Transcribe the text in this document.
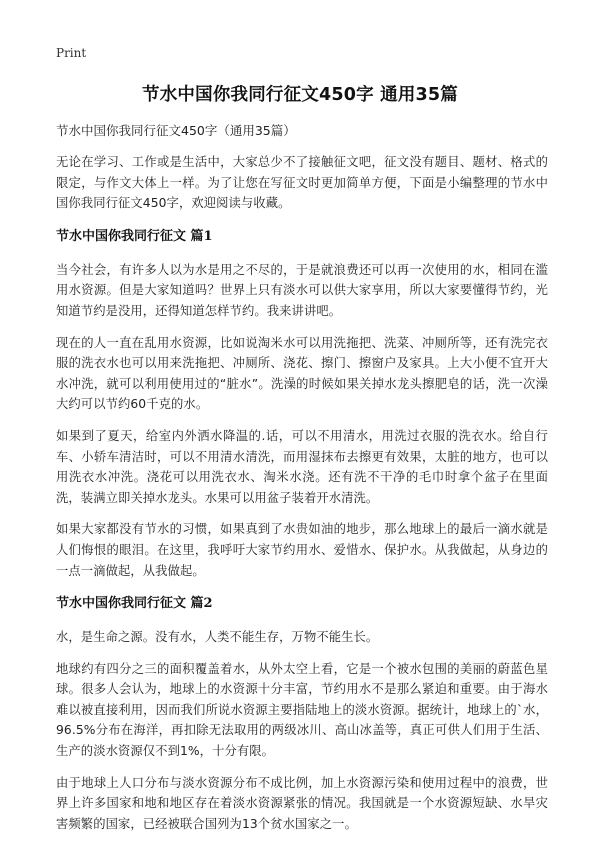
Print
节水中国你我同行征文450字 通用35篇
节水中国你我同行征文450字（通用35篇）

无论在学习、工作或是生活中，大家总少不了接触征文吧，征文没有题目、题材、格式的限定，与作文大体上一样。为了让您在写征文时更加简单方便，下面是小编整理的节水中国你我同行征文450字，欢迎阅读与收藏。

节水中国你我同行征文 篇1

当今社会，有许多人以为水是用之不尽的，于是就浪费还可以再一次使用的水，相同在滥用水资源。但是大家知道吗？世界上只有淡水可以供大家享用，所以大家要懂得节约，光知道节约是没用，还得知道怎样节约。我来讲讲吧。

现在的人一直在乱用水资源，比如说淘米水可以用洗拖把、洗菜、冲厕所等，还有洗完衣服的洗衣水也可以用来洗拖把、冲厕所、浇花、擦门、擦窗户及家具。上大小便不宜开大水冲洗，就可以利用使用过的“脏水”。洗澡的时候如果关掉水龙头擦肥皂的话，洗一次澡大约可以节约60千克的水。

如果到了夏天，给室内外洒水降温的.话，可以不用清水，用洗过衣服的洗衣水。给自行车、小轿车清洁时，可以不用清水清洗，而用湿抹布去擦更有效果，太脏的地方，也可以用洗衣水冲洗。浇花可以用洗衣水、淘米水浇。还有洗不干净的毛巾时拿个盆子在里面洗，装满立即关掉水龙头。水果可以用盆子装着开水清洗。

如果大家都没有节水的习惯，如果真到了水贵如油的地步，那么地球上的最后一滴水就是人们悔恨的眼泪。在这里，我呼吁大家节约用水、爱惜水、保护水。从我做起，从身边的一点一滴做起，从我做起。

节水中国你我同行征文 篇2

水，是生命之源。没有水，人类不能生存，万物不能生长。

地球约有四分之三的面积覆盖着水，从外太空上看，它是一个被水包围的美丽的蔚蓝色星球。很多人会认为，地球上的水资源十分丰富，节约用水不是那么紧迫和重要。由于海水难以被直接利用，因而我们所说水资源主要指陆地上的淡水资源。据统计，地球上的`水，96.5%分布在海洋，再扣除无法取用的两级冰川、高山冰盖等，真正可供人们用于生活、生产的淡水资源仅不到1%，十分有限。

由于地球上人口分布与淡水资源分布不成比例，加上水资源污染和使用过程中的浪费，世界上许多国家和地和地区存在着淡水资源紧张的情况。我国就是一个水资源短缺、水旱灾害频繁的国家，已经被联合国列为13个贫水国家之一。
